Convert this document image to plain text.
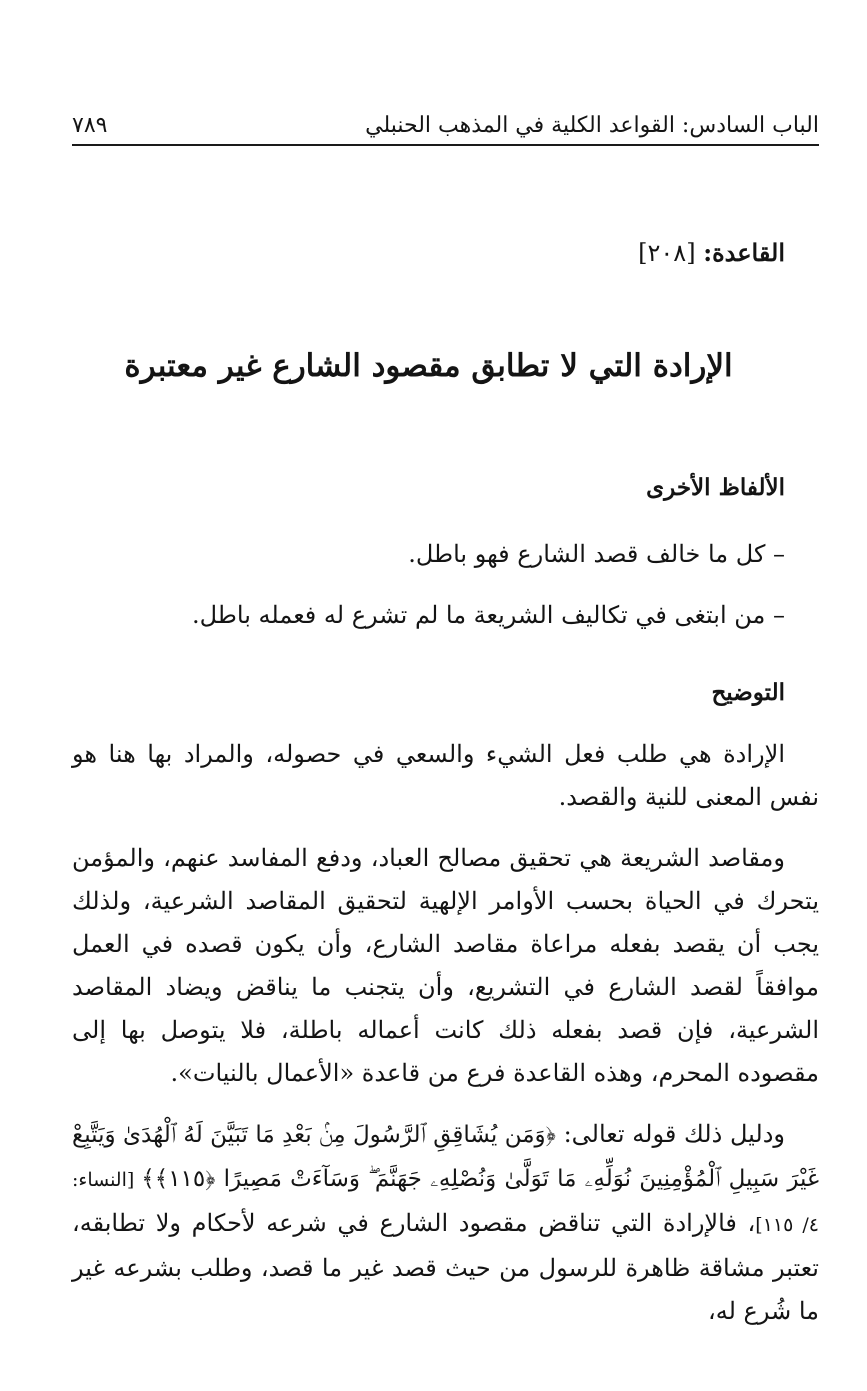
الباب السادس: القواعد الكلية في المذهب الحنبلي
٧٨٩
القاعدة: [٢٠٨]
الإرادة التي لا تطابق مقصود الشارع غير معتبرة
الألفاظ الأخرى
– كل ما خالف قصد الشارع فهو باطل.
– من ابتغى في تكاليف الشريعة ما لم تشرع له فعمله باطل.
التوضيح
الإرادة هي طلب فعل الشيء والسعي في حصوله، والمراد بها هنا هو نفس المعنى للنية والقصد.
ومقاصد الشريعة هي تحقيق مصالح العباد، ودفع المفاسد عنهم، والمؤمن يتحرك في الحياة بحسب الأوامر الإلهية لتحقيق المقاصد الشرعية، ولذلك يجب أن يقصد بفعله مراعاة مقاصد الشارع، وأن يكون قصده في العمل موافقاً لقصد الشارع في التشريع، وأن يتجنب ما يناقض ويضاد المقاصد الشرعية، فإن قصد بفعله ذلك كانت أعماله باطلة، فلا يتوصل بها إلى مقصوده المحرم، وهذه القاعدة فرع من قاعدة «الأعمال بالنيات».
ودليل ذلك قوله تعالى: ﴿وَمَن يُشَاقِقِ ٱلرَّسُولَ مِنۢ بَعْدِ مَا تَبَيَّنَ لَهُ ٱلْهُدَىٰ وَيَتَّبِعْ غَيْرَ سَبِيلِ ٱلْمُؤْمِنِينَ نُوَلِّهِۦ مَا تَوَلَّىٰ وَنُصْلِهِۦ جَهَنَّمَ ۖ وَسَآءَتْ مَصِيرًا ﴿١١٥﴾﴾ [النساء: ٤/ ١١٥]، فالإرادة التي تناقض مقصود الشارع في شرعه لأحكام ولا تطابقه، تعتبر مشاقة ظاهرة للرسول من حيث قصد غير ما قصد، وطلب بشرعه غير ما شُرع له،
